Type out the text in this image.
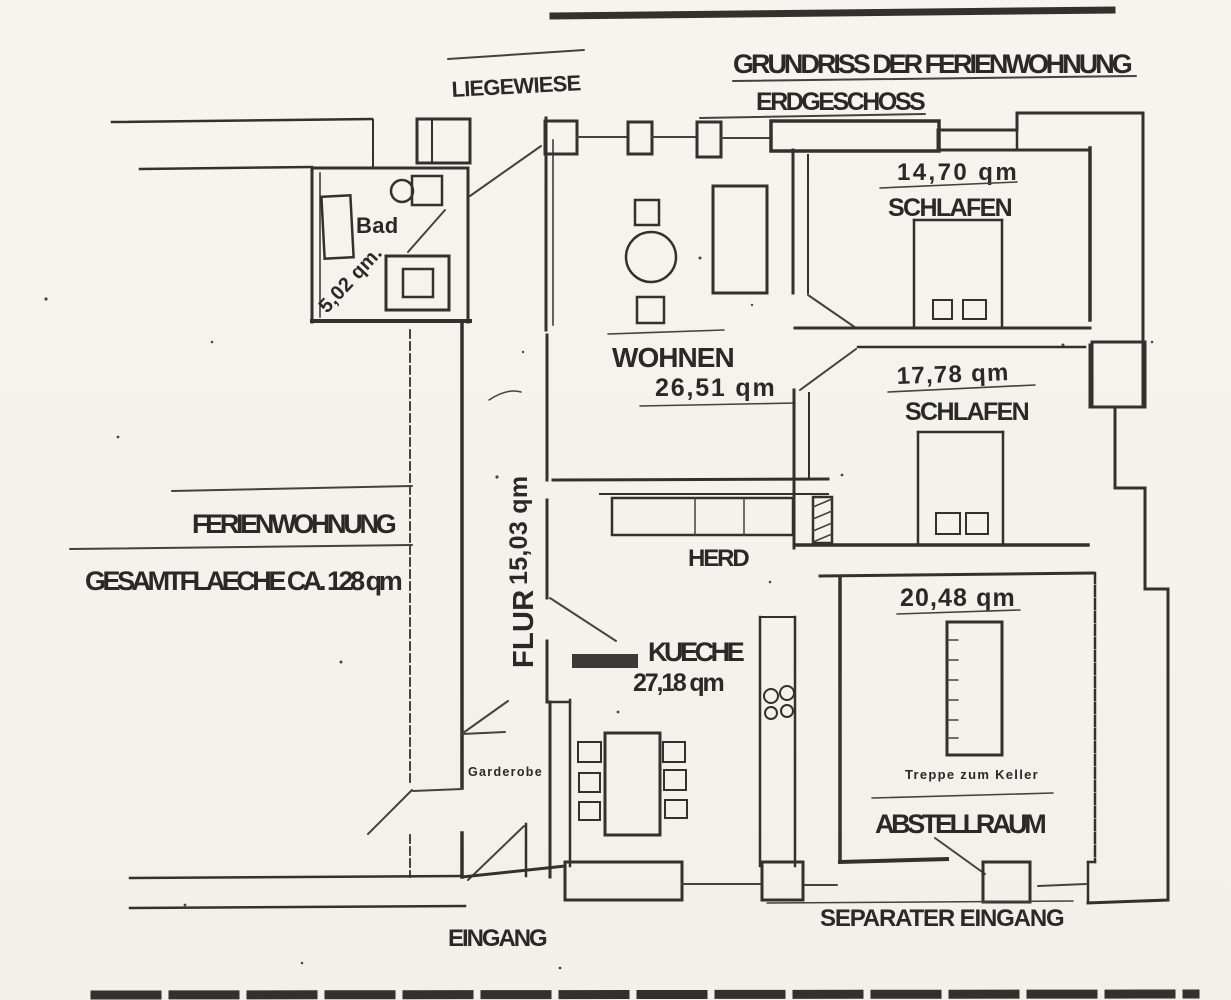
GRUNDRISS DER FERIENWOHNUNG
ERDGESCHOSS
LIEGEWIESE
Bad
5,02 qm.
WOHNEN
26,51 qm
14,70 qm
SCHLAFEN
17,78 qm
SCHLAFEN
FLUR
15,03 qm
Garderobe
HERD
KUECHE
27,18 qm
20,48 qm
Treppe zum Keller
ABSTELLRAUM
FERIENWOHNUNG
GESAMTFLAECHE CA. 128 qm
EINGANG
SEPARATER EINGANG
